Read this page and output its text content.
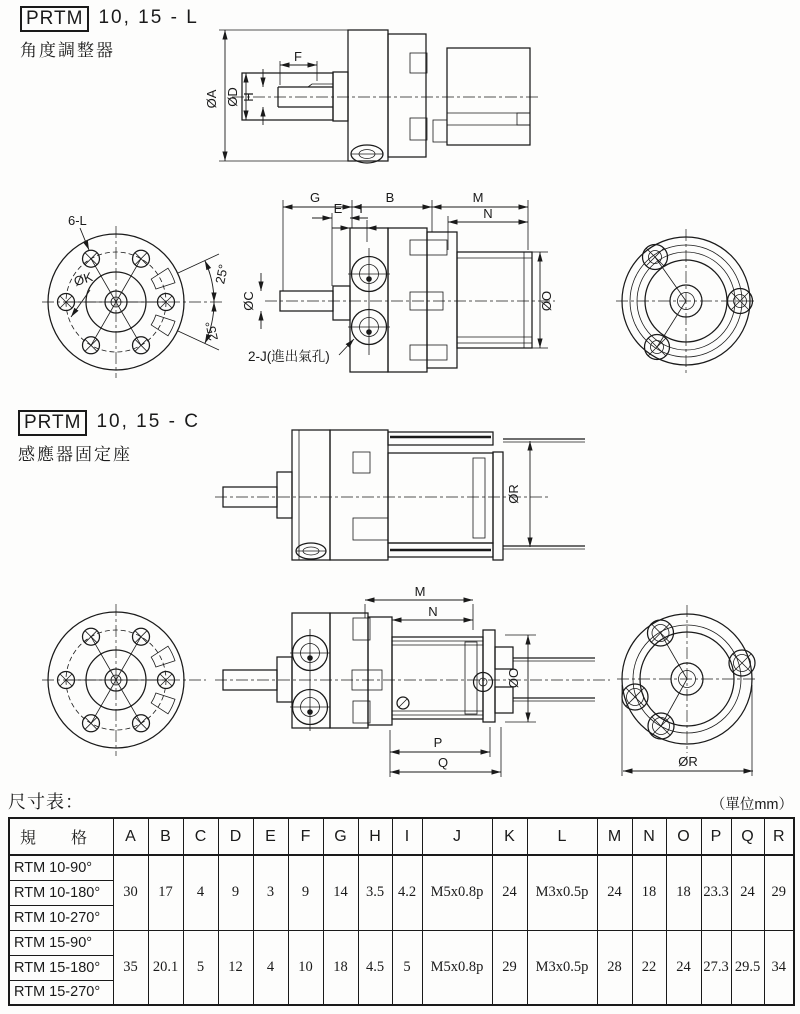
PRTM 10, 15 - L
角度調整器
ØA ØD H
F
6-L
ØK	25°
25°
G	B	M
N
E I
ØC	ØO
2-J(進出氣孔)
PRTM 10, 15 - C
感應器固定座
ØR
M
N
ØO
P
Q	ØR
尺寸表：	（單位mm）
規　　格	A	B	C	D	E	F	G	H	I	J	K	L	M	N	O	P	Q	R
RTM 10-90°	30	17	4	9	3	9	14	3.5	4.2	M5x0.8p	24	M3x0.5p	24	18	18	23.3	24	29
RTM 10-180°																		
RTM 10-270°																		
RTM 15-90°	35	20.1	5	12	4	10	18	4.5	5	M5x0.8p	29	M3x0.5p	28	22	24	27.3	29.5	34
RTM 15-180°																		
RTM 15-270°																		
